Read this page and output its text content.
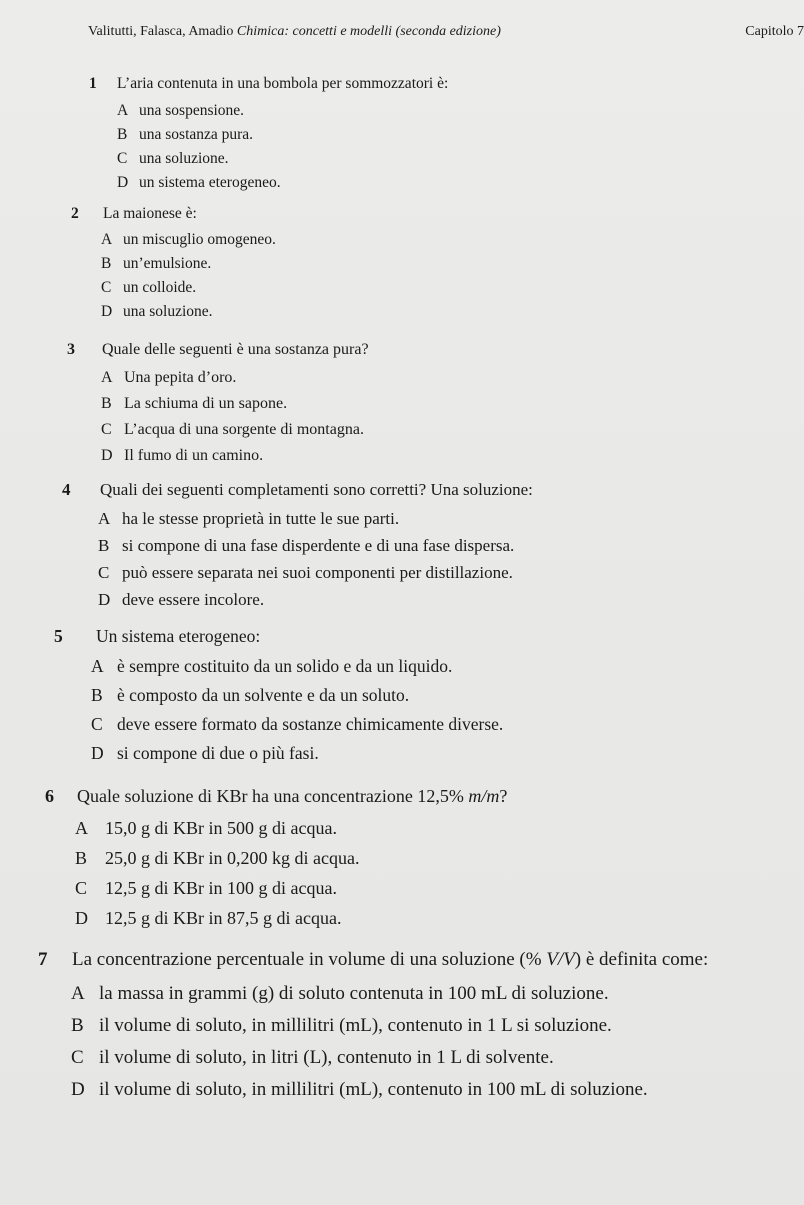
Valitutti, Falasca, Amadio Chimica: concetti e modelli (seconda edizione)	Capitolo 7
1 L’aria contenuta in una bombola per sommozzatori è:
A una sospensione.
B una sostanza pura.
C una soluzione.
D un sistema eterogeneo.
2 La maionese è:
A un miscuglio omogeneo.
B un’emulsione.
C un colloide.
D una soluzione.
3 Quale delle seguenti è una sostanza pura?
A Una pepita d’oro.
B La schiuma di un sapone.
C L’acqua di una sorgente di montagna.
D Il fumo di un camino.
4 Quali dei seguenti completamenti sono corretti? Una soluzione:
A ha le stesse proprietà in tutte le sue parti.
B si compone di una fase disperdente e di una fase dispersa.
C può essere separata nei suoi componenti per distillazione.
D deve essere incolore.
5 Un sistema eterogeneo:
A è sempre costituito da un solido e da un liquido.
B è composto da un solvente e da un soluto.
C deve essere formato da sostanze chimicamente diverse.
D si compone di due o più fasi.
6 Quale soluzione di KBr ha una concentrazione 12,5% m/m?
A 15,0 g di KBr in 500 g di acqua.
B 25,0 g di KBr in 0,200 kg di acqua.
C 12,5 g di KBr in 100 g di acqua.
D 12,5 g di KBr in 87,5 g di acqua.
7 La concentrazione percentuale in volume di una soluzione (% V/V) è definita come:
A la massa in grammi (g) di soluto contenuta in 100 mL di soluzione.
B il volume di soluto, in millilitri (mL), contenuto in 1 L si soluzione.
C il volume di soluto, in litri (L), contenuto in 1 L di solvente.
D il volume di soluto, in millilitri (mL), contenuto in 100 mL di soluzione.
